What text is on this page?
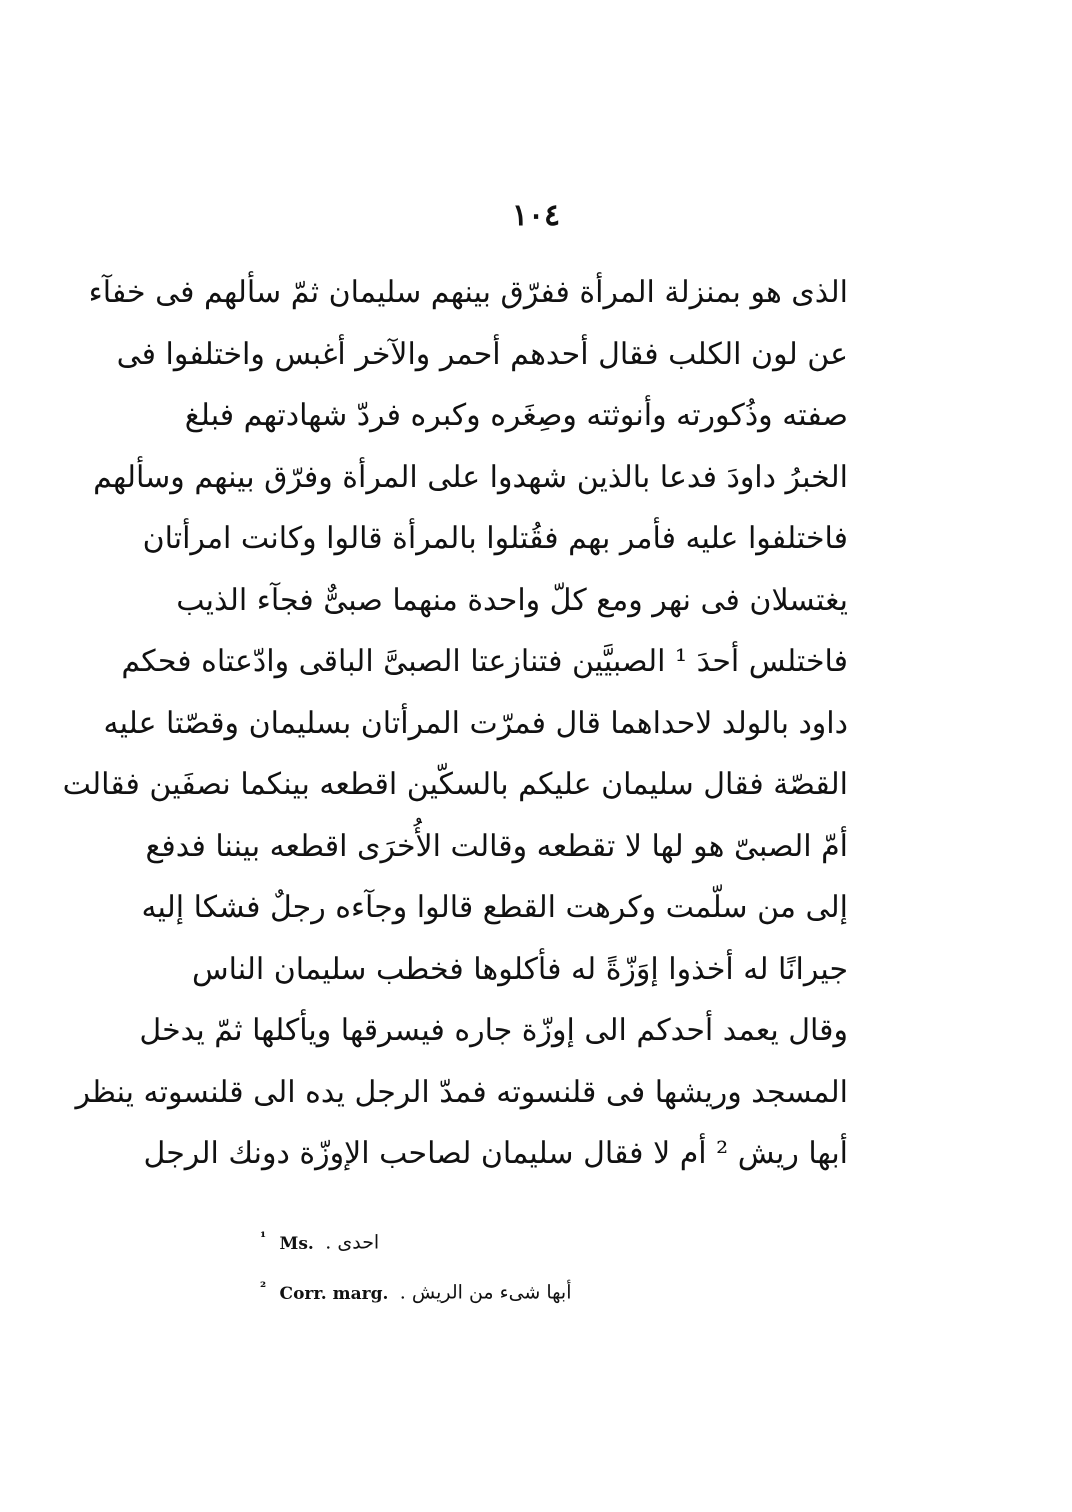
١٠٤
الذى هو بمنزلة المرأة ففرّق بينهم سليمان ثمّ سألهم فى خفآء
عن لون الكلب فقال أحدهم أحمر والآخر أغبس واختلفوا فى
صفته وذُكورته وأنوثته وصِغَره وكبره فردّ شهادتهم فبلغ
الخبرُ داودَ فدعا بالذين شهدوا على المرأة وفرّق بينهم وسألهم
فاختلفوا عليه فأمر بهم فقُتلوا بالمرأة قالوا وكانت امرأتان
يغتسلان فى نهر ومع كلّ واحدة منهما صبىٌّ فجآء الذيب
فاختلس أحدَ ¹ الصبيَّين فتنازعتا الصبىَّ الباقى وادّعتاه فحكم
داود بالولد لاحداهما قال فمرّت المرأتان بسليمان وقصّتا عليه
القصّة فقال سليمان عليكم بالسكّين اقطعه بينكما نصفَين فقالت
أمّ الصبىّ هو لها لا تقطعه وقالت الأُخرَى اقطعه بيننا فدفع
إلى من سلّمت وكرهت القطع قالوا وجآءه رجلٌ فشكا إليه
جيرانًا له أخذوا إوَزّةً له فأكلوها فخطب سليمان الناس
وقال يعمد أحدكم الى إوزّة جاره فيسرقها ويأكلها ثمّ يدخل
المسجد وريشها فى قلنسوته فمدّ الرجل يده الى قلنسوته ينظر
أبها ريش ² أم لا فقال سليمان لصاحب الإوزّة دونك الرجل
$^{^1}$ Ms. احدى .
$^{^2}$ Corr. marg. أبها شىء من الريش .
